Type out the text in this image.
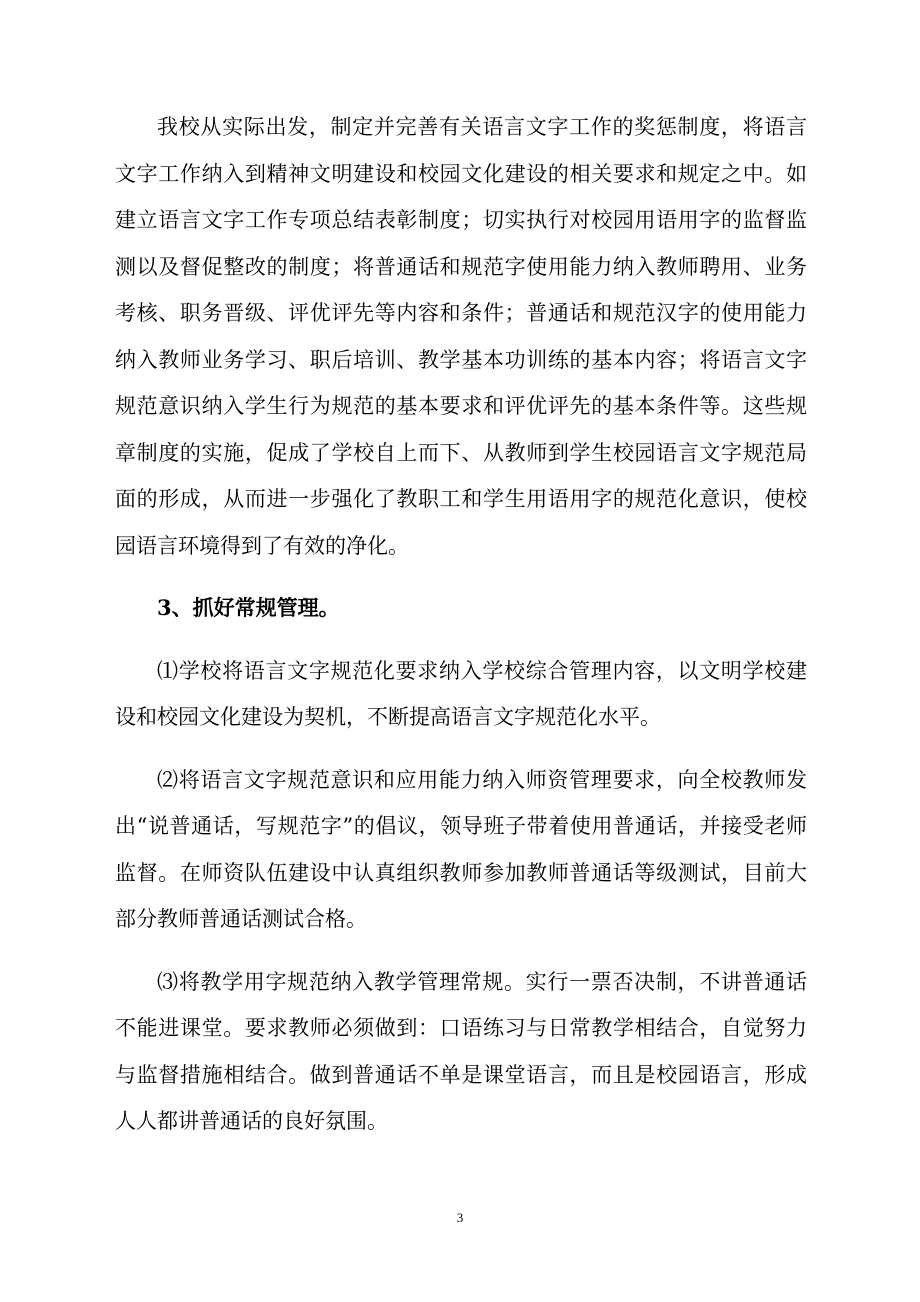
我校从实际出发，制定并完善有关语言文字工作的奖惩制度，将语言文字工作纳入到精神文明建设和校园文化建设的相关要求和规定之中。如建立语言文字工作专项总结表彰制度；切实执行对校园用语用字的监督监测以及督促整改的制度；将普通话和规范字使用能力纳入教师聘用、业务考核、职务晋级、评优评先等内容和条件；普通话和规范汉字的使用能力纳入教师业务学习、职后培训、教学基本功训练的基本内容；将语言文字规范意识纳入学生行为规范的基本要求和评优评先的基本条件等。这些规章制度的实施，促成了学校自上而下、从教师到学生校园语言文字规范局面的形成，从而进一步强化了教职工和学生用语用字的规范化意识，使校园语言环境得到了有效的净化。

3、抓好常规管理。

⑴学校将语言文字规范化要求纳入学校综合管理内容，以文明学校建设和校园文化建设为契机，不断提高语言文字规范化水平。

⑵将语言文字规范意识和应用能力纳入师资管理要求，向全校教师发出“说普通话，写规范字”的倡议，领导班子带着使用普通话，并接受老师监督。在师资队伍建设中认真组织教师参加教师普通话等级测试，目前大部分教师普通话测试合格。

⑶将教学用字规范纳入教学管理常规。实行一票否决制，不讲普通话不能进课堂。要求教师必须做到：口语练习与日常教学相结合，自觉努力与监督措施相结合。做到普通话不单是课堂语言，而且是校园语言，形成人人都讲普通话的良好氛围。

3
